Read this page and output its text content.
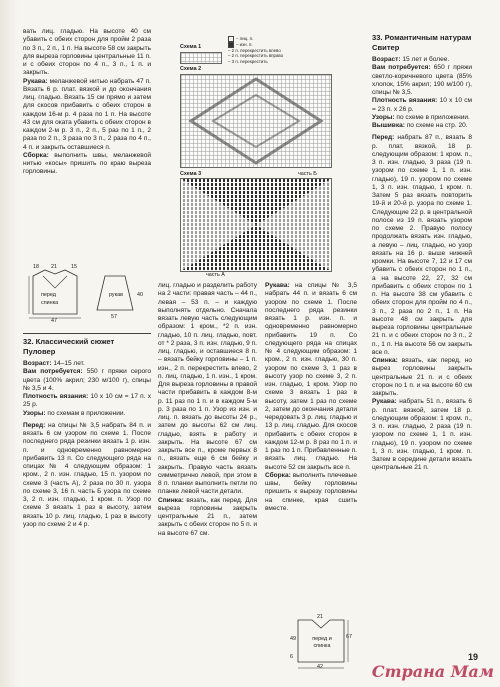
вать лиц. гладью. На высоте 40 см убавить с обеих сторон для пройм 2 раза по 3 п., 2 п., 1 п. На высоте 58 см закрыть для выреза горловины центральные 11 п. и с обеих сторон по 4 п., 3 п., 1 п. и закрыть.

Рукава: меланжевой нитью набрать 47 п. Вязать 6 р. плат. вязкой и до окончания лиц. гладью. Вязать 15 см прямо и затем для скосов прибавить с обеих сторон в каждом 16-м р. 4 раза по 1 п. На высоте 43 см для оката убавить с обеих сторон в каждом 2-м р. 3 п., 2 п., 5 раз по 1 п., 2 раза по 2 п., 3 раза по 3 п., 2 раза по 4 п., 4 п. и закрыть оставшиеся п.

Сборка: выполнить швы, меланжевой нитью «косы» пришить по краю выреза горловины.

18 21	15
перед
спинка
рукав
47
57
40

32. Классический сюжет

Пуловер

Возраст: 14–15 лет.

Вам потребуется: 550 г пряжи серого цвета (100% акрил; 230 м/100 г), спицы № 3,5 и 4.

Плотность вязания: 10 х 10 см = 17 п. х 25 р.

Узоры: по схемам в приложении.

Перед: на спицы № 3,5 набрать 84 п. и вязать 6 см узором по схеме 1. После последнего ряда резинки вязать 1 р. изн. п. и одновременно равномерно прибавить 13 п. Со следующего ряда на спицах № 4 следующим образом: 1 кром., 2 п. изн. гладью, 15 п. узором по схеме 3 (часть А), 2 раза по 30 п. узора по схеме 3, 16 п. часть Б узора по схеме 3, 2 п. изн. гладью, 1 кром. п. Узор по схеме 3 вязать 1 раз в высоту, затем вязать 10 р. лиц. гладью, 1 раз в высоту узор по схеме 2 и 4 р.

Схема 1
Схема 2
– лиц. п.
– изн. п.
– 2 п. перекрестить влево
– 2 п. перекрестить вправо
– 3 п. перекрестить
Схема 3	часть Б
часть А

лиц. гладью и разделить работу на 2 части: правая часть – 44 п., левая – 53 п. – и каждую выполнять отдельно. Сначала вязать левую часть следующим образом: 1 кром., *2 п. изн. гладью, 10 п. лиц. гладью, повт. от * 2 раза, 3 п. изн. гладью, 9 п. лиц. гладью, и оставшиеся 8 п. – вязать бейку горловины – 1 п. изн., 2 п. перекрестить влево, 2 п. лиц. гладью, 1 п. изн., 1 кром. Для выреза горловины в правой части прибавить в каждом 8-м р. 11 раз по 1 п. и в каждом 5-м р. 3 раза по 1 п. Узор из изн. и лиц. п. вязать до высоты 24 р., затем до высоты 62 см лиц. гладью, взять в работу и закрыть. На высоте 67 см закрыть все п., кроме первых 8 п., вязать еще 6 см бейку и закрыть. Правую часть вязать симметрично левой, при этом в 8 п. планки выполнить петли по планке левой части детали.

Спинка: вязать, как перед. Для выреза горловины закрыть центральные 21 п., затем закрыть с обеих сторон по 5 п. и на высоте 67 см.

Рукава: на спицы № 3,5 набрать 44 п. и вязать 6 см узором по схеме 1. После последнего ряда резинки вязать 1 р. изн. п. и одновременно равномерно прибавить 19 п. Со следующего ряда на спицах № 4 следующим образом: 1 кром., 2 п. изн. гладью, 30 п. узором по схеме 3, 1 раз в высоту узор по схеме 3, 2 п. изн. гладью, 1 кром. Узор по схеме 3 вязать 1 раз в высоту, затем 1 раз по схеме 2, затем до окончания детали чередовать 3 р. лиц. гладью и 13 р. лиц. гладью. Для скосов прибавить с обеих сторон в каждом 12-м р. 8 раз по 1 п. и 1 раз по 1 п. Прибавленные п. вязать лиц. гладью. На высоте 52 см закрыть все п.

Сборка: выполнить плечевые швы, бейку горловины пришить к вырезу горловины на спинке, края сшить вместе.

перед и спинка
42
21
6
49	67

33. Романтичным натурам

Свитер

Возраст: 15 лет и более.

Вам потребуется: 650 г пряжи светло-коричневого цвета (85% хлопок, 15% акрил; 190 м/100 г), спицы № 3,5.

Плотность вязания: 10 х 10 см = 23 п. х 26 р.

Узоры: по схеме в приложении.

Вышивка: по схеме на стр. 20.

Перед: набрать 87 п., вязать 8 р. плат. вязкой, 18 р. следующим образом: 1 кром. п., 3 п. изн. гладью, 3 раза (19 п. узором по схеме 1, 1 п. изн. гладью), 19 п. узором по схеме 1, 3 п. изн. гладью, 1 кром. п. Затем 5 раз вязать повторить 19-й и 20-й р. узора по схеме 1. Следующие 22 р. в центральной полосе из 19 п. вязать узором по схеме 2. Правую полосу продолжать вязать изн. гладью, а левую – лиц. гладью, но узор вязать на 16 р. выше нижней кромки. На высоте 7, 12 и 17 см убавить с обеих сторон по 1 п., а на высоте 22, 27, 32 см прибавить с обеих сторон по 1 п. На высоте 38 см убавить с обеих сторон для пройм по 4 п., 3 п., 2 раза по 2 п., 1 п. На высоте 48 см закрыть для выреза горловины центральные 21 п. и с обеих сторон по 3 п., 2 п., 1 п. На высоте 56 см закрыть все п.

Спинка: вязать, как перед, но вырез горловины закрыть центральные 21 п. и с обеих сторон по 1 п. и на высоте 60 см закрыть.

Рукава: набрать 51 п., вязать 6 р. плат. вязкой, затем 18 р. следующим образом: 1 кром. п., 3 п. изн. гладью, 2 раза (19 п. узором по схеме 1, 1 п. изн. гладью), 19 п. узором по схеме 1, 3 п. изн. гладью, 1 кром. п. Затем в середине детали вязать центральные 21 п.

19
Страна Мам
